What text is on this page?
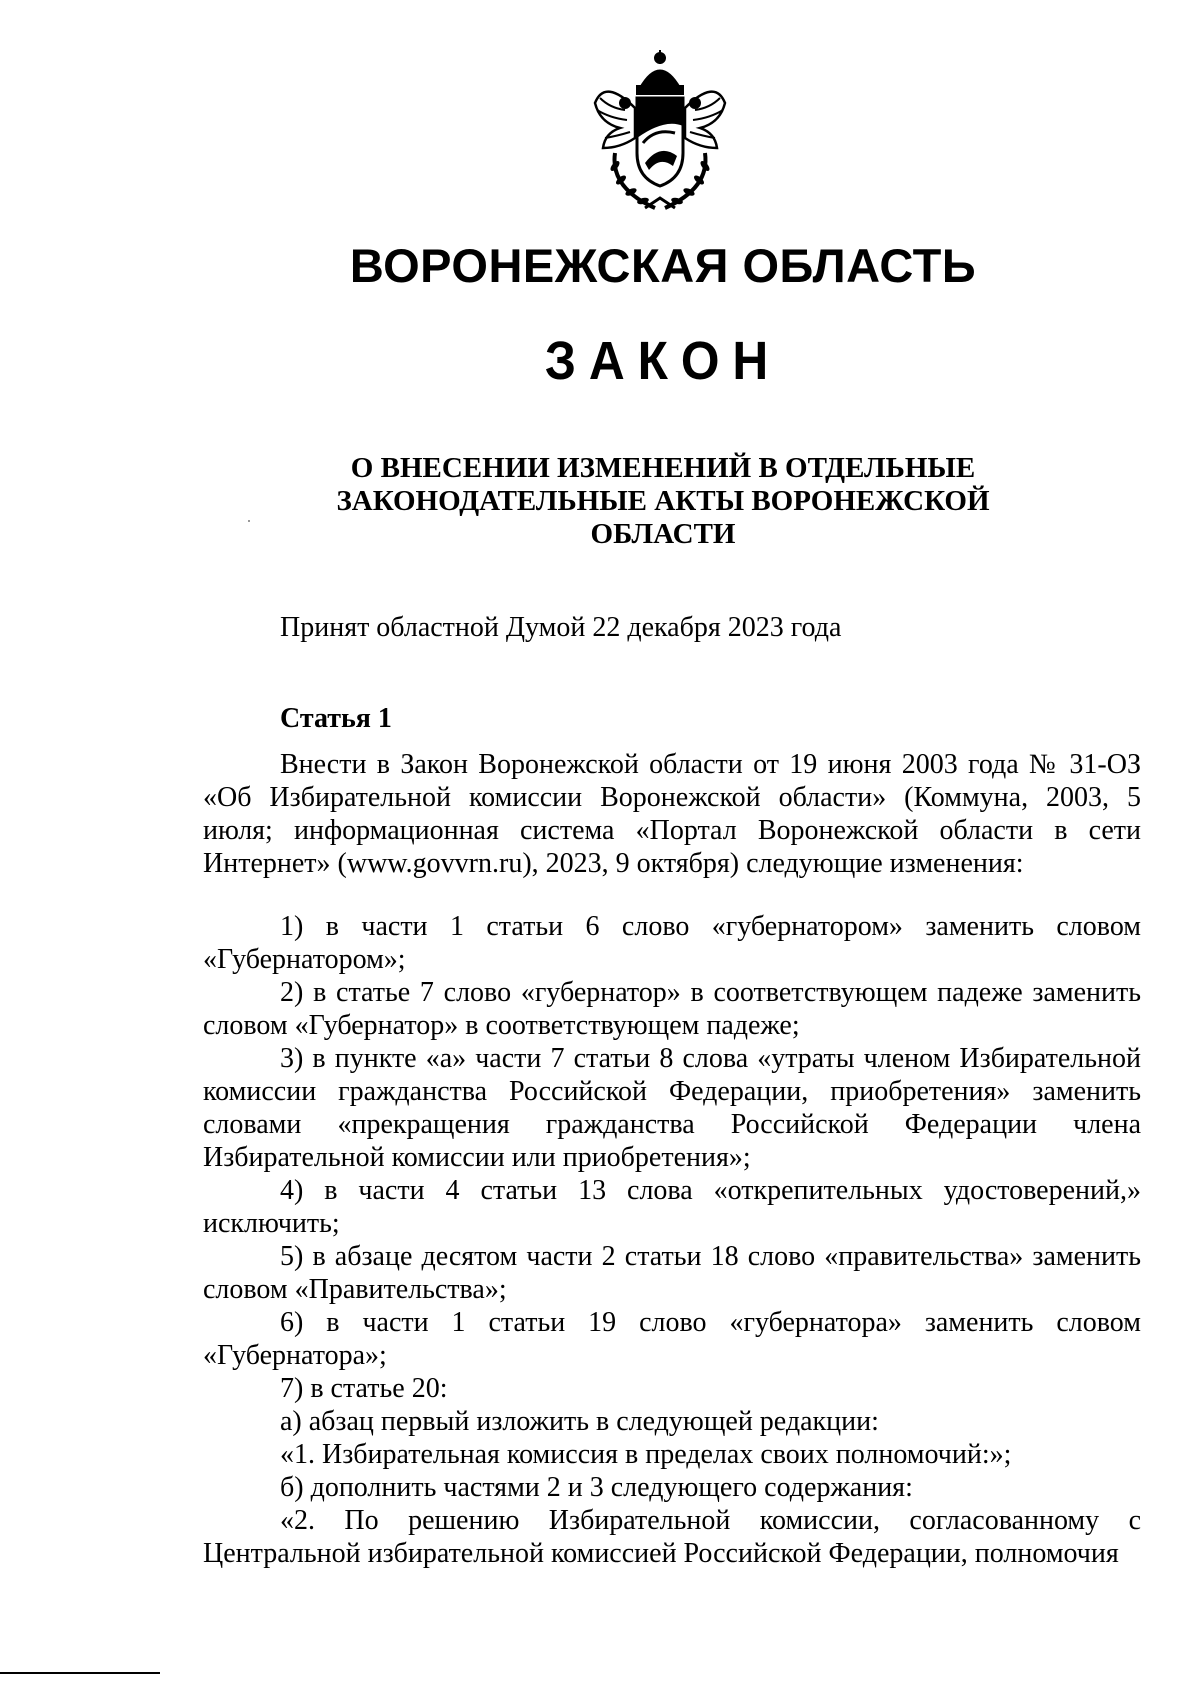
ВОРОНЕЖСКАЯ ОБЛАСТЬ
ЗАКОН
О ВНЕСЕНИИ ИЗМЕНЕНИЙ В ОТДЕЛЬНЫЕ
ЗАКОНОДАТЕЛЬНЫЕ АКТЫ ВОРОНЕЖСКОЙ
ОБЛАСТИ
Принят областной Думой 22 декабря 2023 года
Статья 1

Внести в Закон Воронежской области от 19 июня 2003 года № 31-ОЗ «Об Избирательной комиссии Воронежской области» (Коммуна, 2003, 5 июля; информационная система «Портал Воронежской области в сети Интернет» (www.govvrn.ru), 2023, 9 октября) следующие изменения:

1) в части 1 статьи 6 слово «губернатором» заменить словом «Губернатором»;

2) в статье 7 слово «губернатор» в соответствующем падеже заменить словом «Губернатор» в соответствующем падеже;

3) в пункте «а» части 7 статьи 8 слова «утраты членом Избирательной комиссии гражданства Российской Федерации, приобретения» заменить словами «прекращения гражданства Российской Федерации члена Избирательной комиссии или приобретения»;

4) в части 4 статьи 13 слова «открепительных удостоверений,» исключить;

5) в абзаце десятом части 2 статьи 18 слово «правительства» заменить словом «Правительства»;

6) в части 1 статьи 19 слово «губернатора» заменить словом «Губернатора»;

7) в статье 20:

а) абзац первый изложить в следующей редакции:

«1. Избирательная комиссия в пределах своих полномочий:»;

б) дополнить частями 2 и 3 следующего содержания:

«2. По решению Избирательной комиссии, согласованному с Центральной избирательной комиссией Российской Федерации, полномочия
